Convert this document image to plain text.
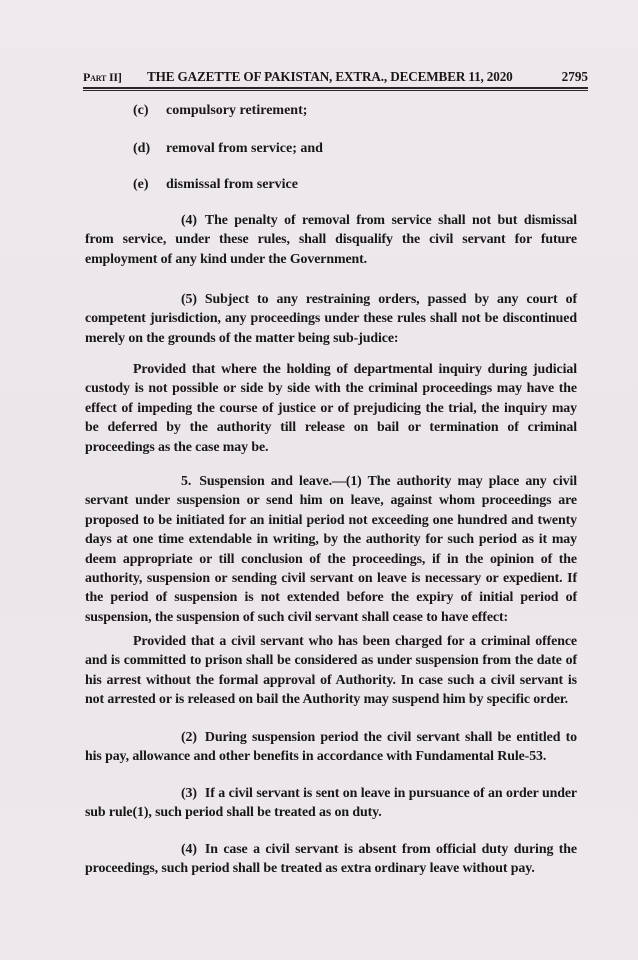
Part II] THE GAZETTE OF PAKISTAN, EXTRA., DECEMBER 11, 2020	2795
(c) compulsory retirement;
(d) removal from service; and
(e) dismissal from service
(4) The penalty of removal from service shall not but dismissal from service, under these rules, shall disqualify the civil servant for future employment of any kind under the Government.
(5) Subject to any restraining orders, passed by any court of competent jurisdiction, any proceedings under these rules shall not be discontinued merely on the grounds of the matter being sub-judice:
Provided that where the holding of departmental inquiry during judicial custody is not possible or side by side with the criminal proceedings may have the effect of impeding the course of justice or of prejudicing the trial, the inquiry may be deferred by the authority till release on bail or termination of criminal proceedings as the case may be.
5. Suspension and leave.—(1) The authority may place any civil servant under suspension or send him on leave, against whom proceedings are proposed to be initiated for an initial period not exceeding one hundred and twenty days at one time extendable in writing, by the authority for such period as it may deem appropriate or till conclusion of the proceedings, if in the opinion of the authority, suspension or sending civil servant on leave is necessary or expedient. If the period of suspension is not extended before the expiry of initial period of suspension, the suspension of such civil servant shall cease to have effect:
Provided that a civil servant who has been charged for a criminal offence and is committed to prison shall be considered as under suspension from the date of his arrest without the formal approval of Authority. In case such a civil servant is not arrested or is released on bail the Authority may suspend him by specific order.
(2) During suspension period the civil servant shall be entitled to his pay, allowance and other benefits in accordance with Fundamental Rule-53.
(3) If a civil servant is sent on leave in pursuance of an order under sub rule(1), such period shall be treated as on duty.
(4) In case a civil servant is absent from official duty during the proceedings, such period shall be treated as extra ordinary leave without pay.
